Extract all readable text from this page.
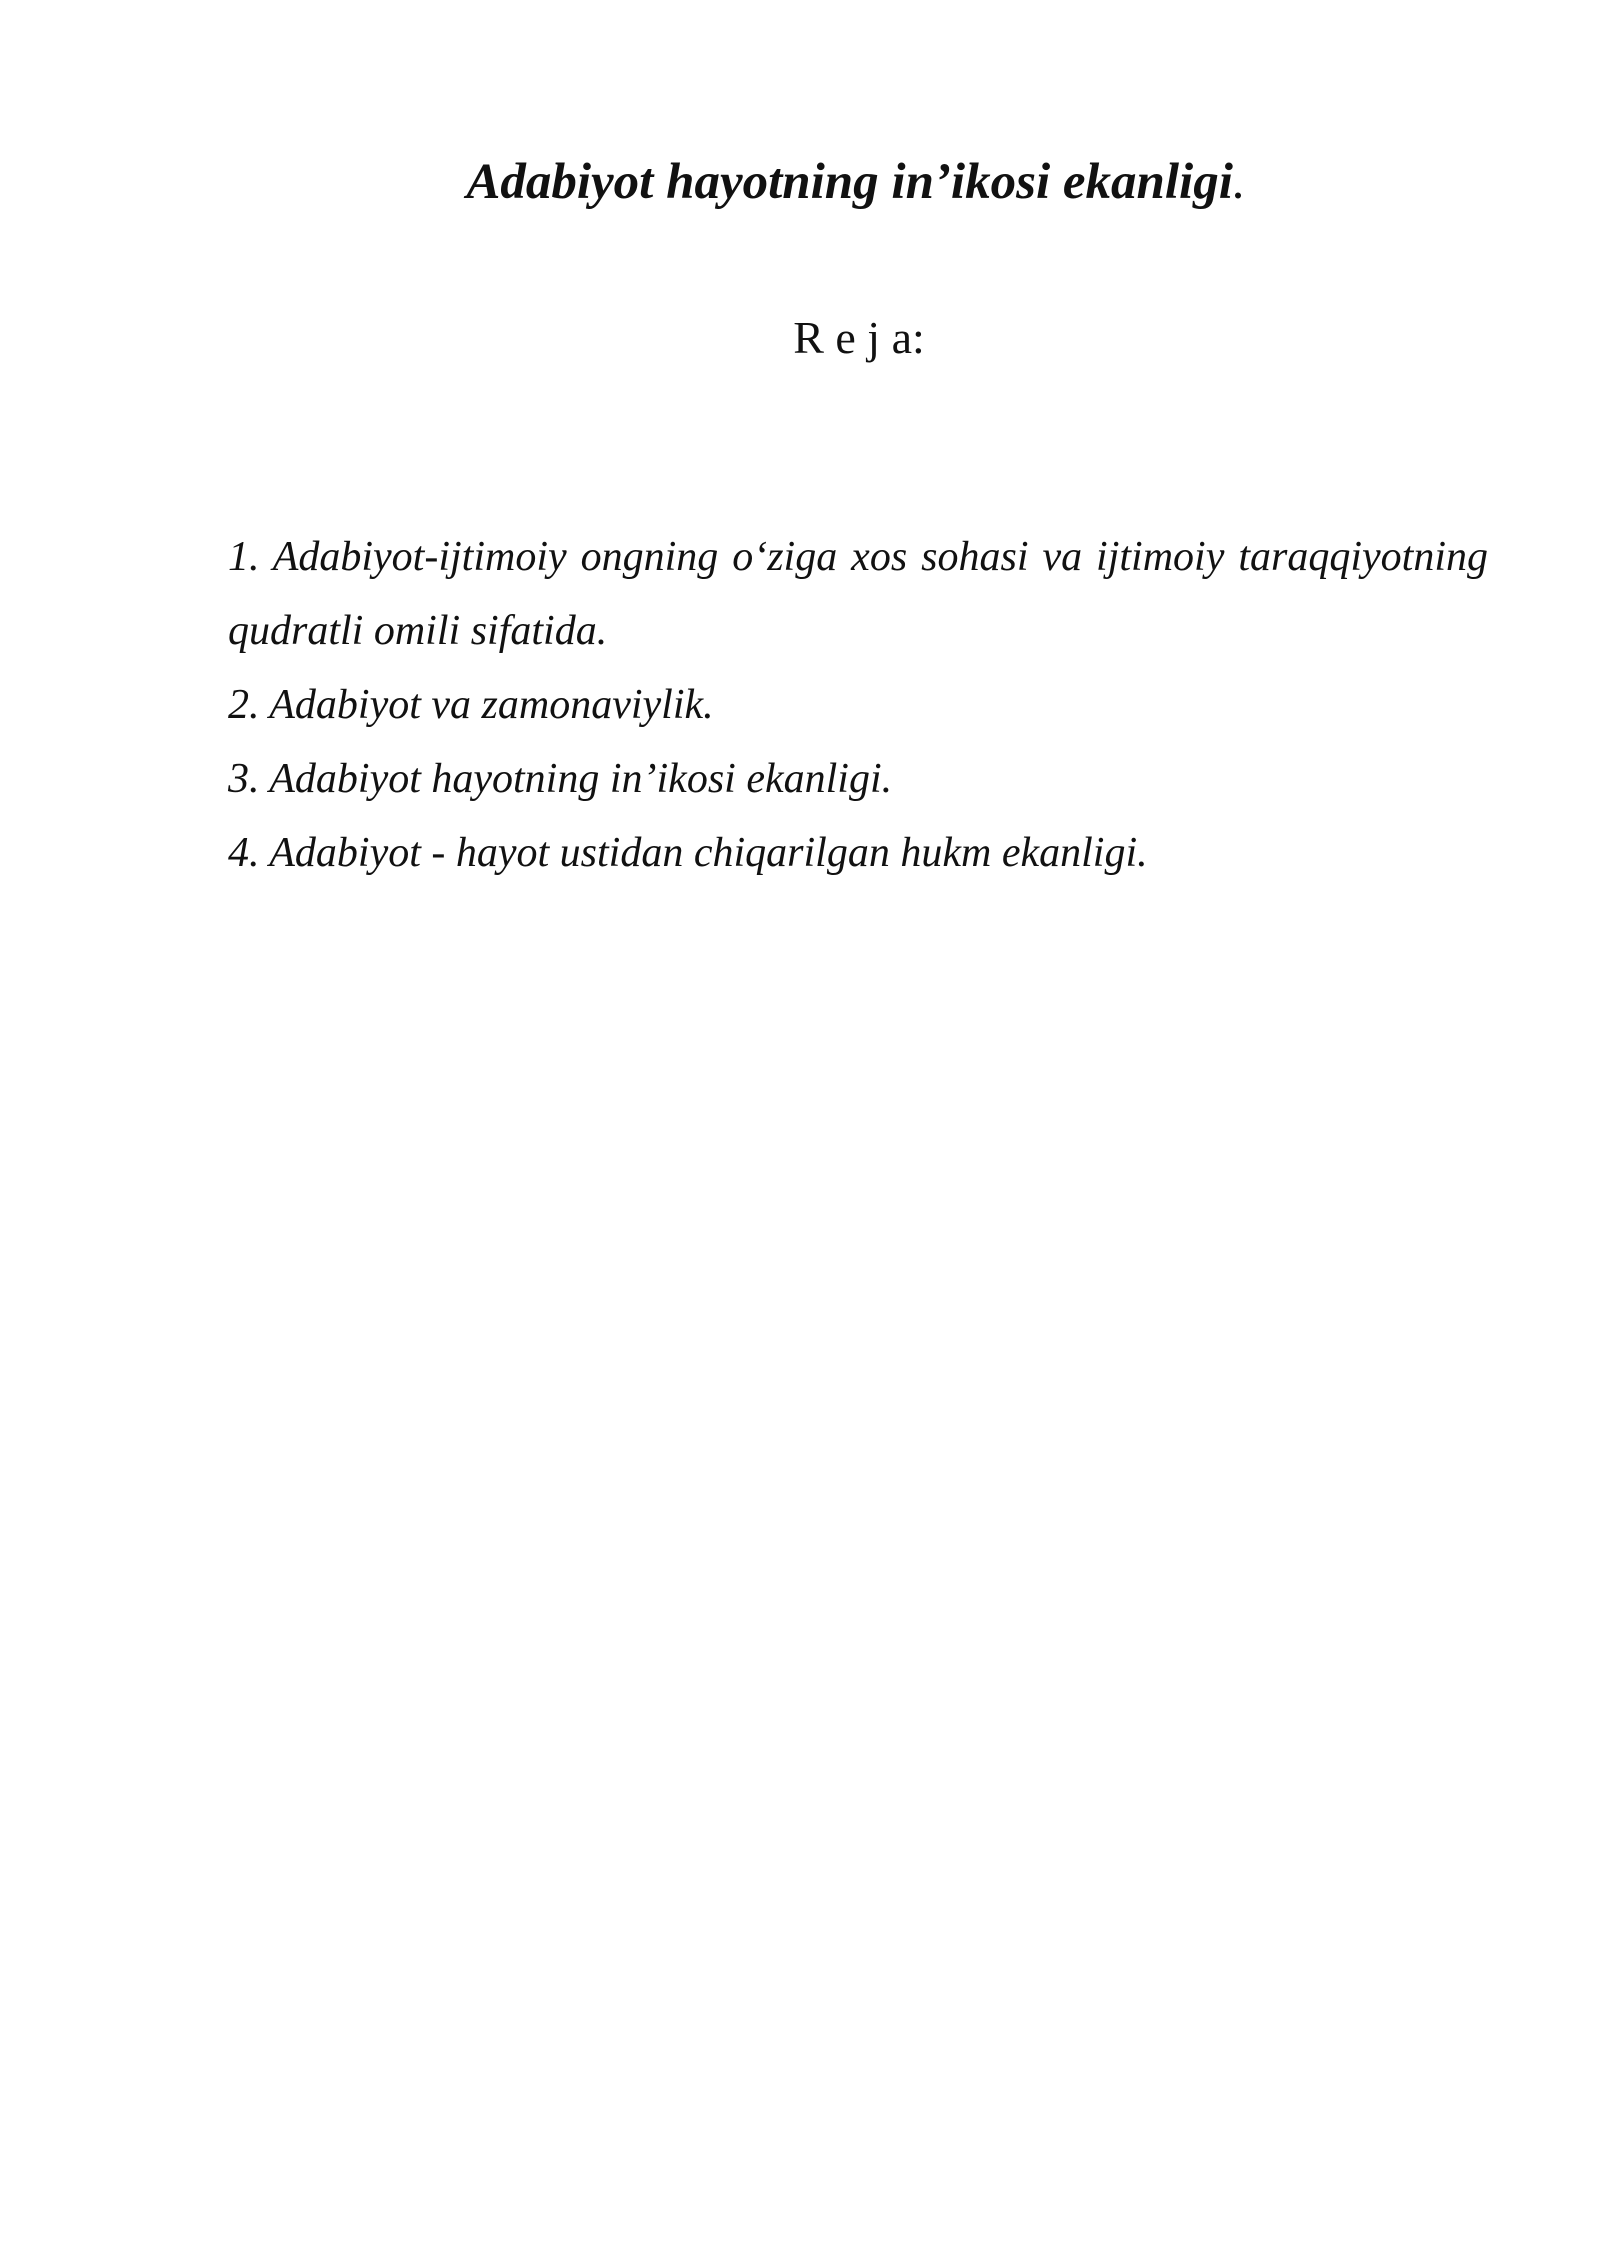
Adabiyot hayotning in’ikosi ekanligi.
R e j a:

1. Adabiyot-ijtimoiy ongning o‘ziga xos sohasi va ijtimoiy taraqqiyotning qudratli omili sifatida.

2. Adabiyot va zamonaviylik.

3. Adabiyot hayotning in’ikosi ekanligi.

4. Adabiyot - hayot ustidan chiqarilgan hukm ekanligi.
